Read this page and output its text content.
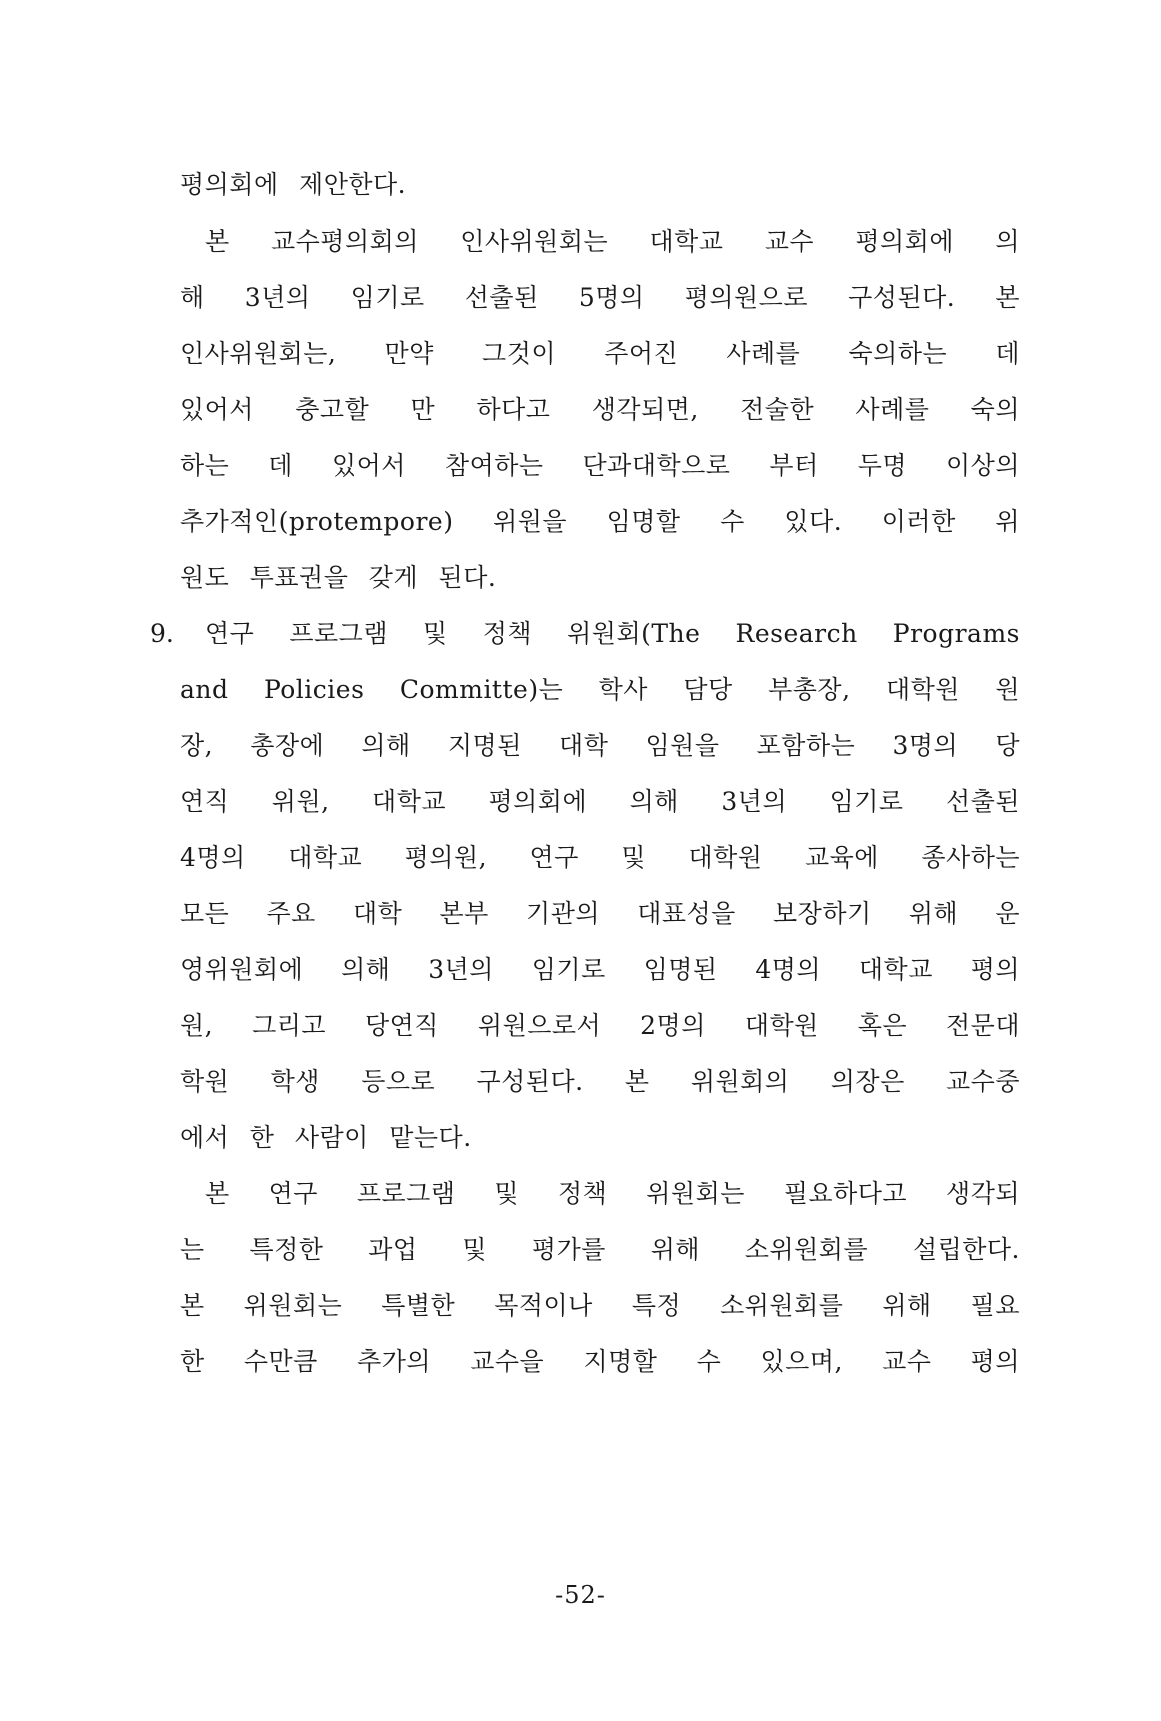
평의회에 제안한다.
본 교수평의회의 인사위원회는 대학교 교수 평의회에 의
해 3년의 임기로 선출된 5명의 평의원으로 구성된다. 본
인사위원회는, 만약 그것이 주어진 사례를 숙의하는 데
있어서 충고할 만 하다고 생각되면, 전술한 사례를 숙의
하는 데 있어서 참여하는 단과대학으로 부터 두명 이상의
추가적인(protempore) 위원을 임명할 수 있다. 이러한 위
원도 투표권을 갖게 된다.
9. 연구 프로그램 및 정책 위원회(The Research Programs
and Policies Committe)는 학사 담당 부총장, 대학원 원
장, 총장에 의해 지명된 대학 임원을 포함하는 3명의 당
연직 위원, 대학교 평의회에 의해 3년의 임기로 선출된
4명의 대학교 평의원, 연구 및 대학원 교육에 종사하는
모든 주요 대학 본부 기관의 대표성을 보장하기 위해 운
영위원회에 의해 3년의 임기로 임명된 4명의 대학교 평의
원, 그리고 당연직 위원으로서 2명의 대학원 혹은 전문대
학원 학생 등으로 구성된다. 본 위원회의 의장은 교수중
에서 한 사람이 맡는다.
본 연구 프로그램 및 정책 위원회는 필요하다고 생각되
는 특정한 과업 및 평가를 위해 소위원회를 설립한다.
본 위원회는 특별한 목적이나 특정 소위원회를 위해 필요
한 수만큼 추가의 교수을 지명할 수 있으며, 교수 평의
-52-
